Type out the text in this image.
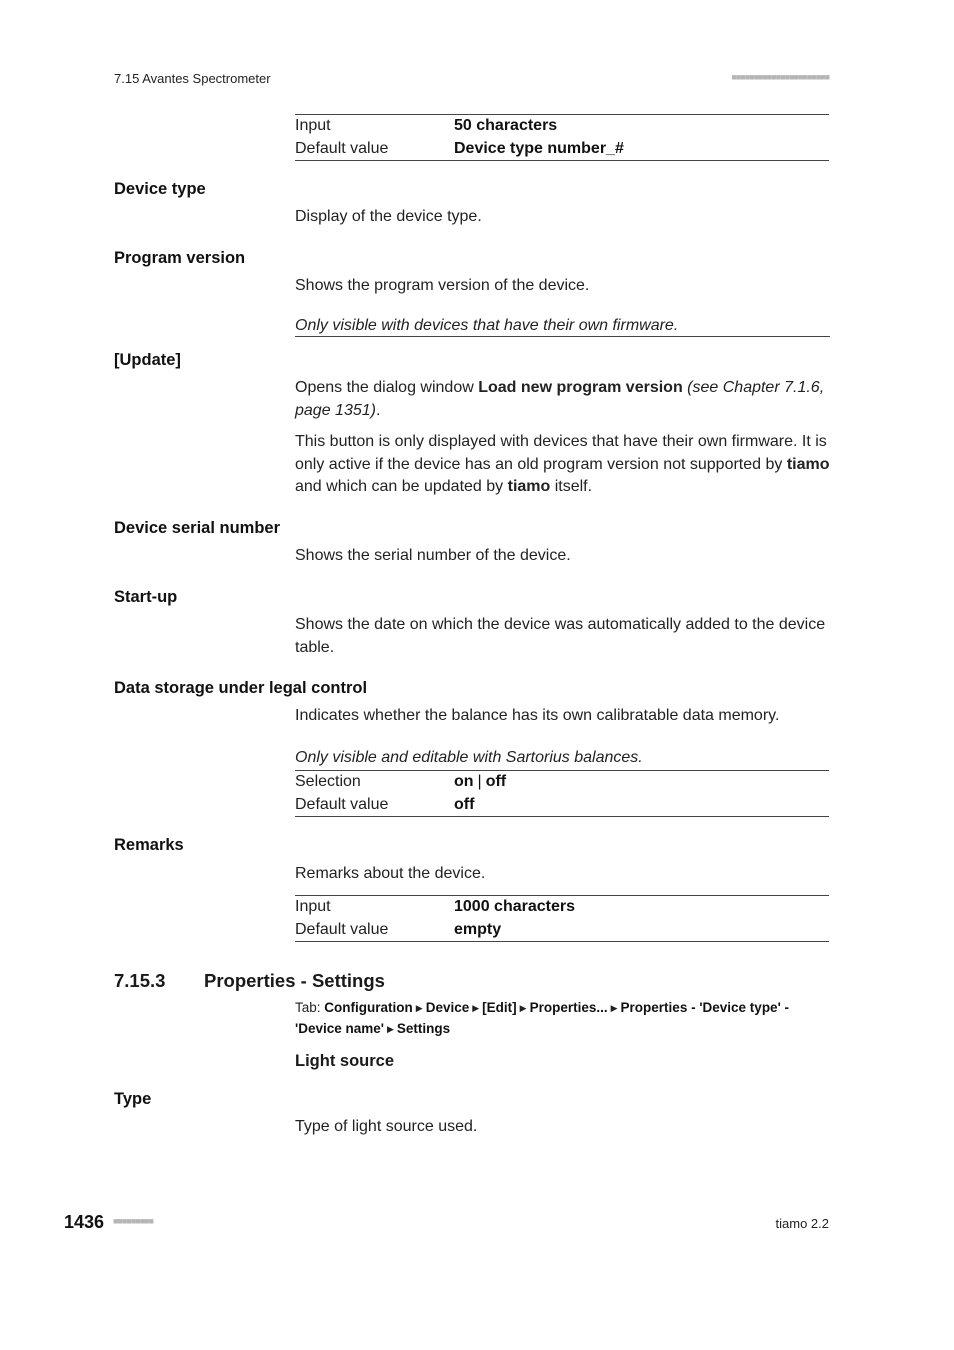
7.15 Avantes Spectrometer	■■■■■■■■■■■■■■■■■■■■■■
Input	50 characters
Default value	Device type number_#
Device type
Display of the device type.
Program version
Shows the program version of the device.
Only visible with devices that have their own firmware.
[Update]
Opens the dialog window Load new program version (see Chapter 7.1.6, page 1351).
This button is only displayed with devices that have their own firmware. It is only active if the device has an old program version not supported by tiamo and which can be updated by tiamo itself.
Device serial number
Shows the serial number of the device.
Start-up
Shows the date on which the device was automatically added to the device table.
Data storage under legal control
Indicates whether the balance has its own calibratable data memory.
Only visible and editable with Sartorius balances.
Selection	on | off
Default value	off
Remarks
Remarks about the device.
Input	1000 characters
Default value	empty
7.15.3 Properties - Settings
Tab: Configuration ▶ Device ▶ [Edit] ▶ Properties... ▶ Properties - 'Device type' - 'Device name' ▶ Settings
Light source
Type
Type of light source used.
1436 ■■■■■■■■■	tiamo 2.2
